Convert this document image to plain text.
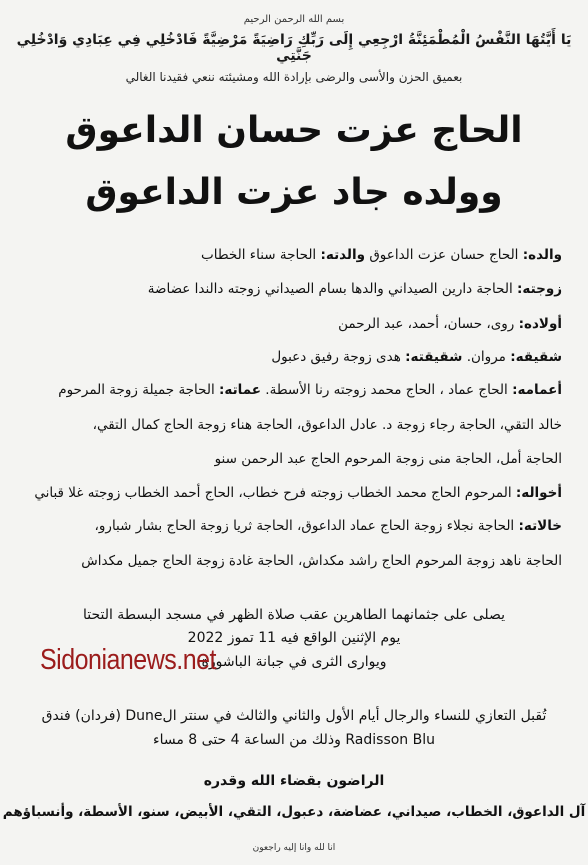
بسم الله الرحمن الرحيم
يَا أَيَّتُهَا النَّفْسُ الْمُطْمَئِنَّةُ ارْجِعِي إِلَى رَبِّكِ رَاضِيَةً مَرْضِيَّةً فَادْخُلِي فِي عِبَادِي وَادْخُلِي جَنَّتِي
بعميق الحزن والأسى والرضى بإرادة الله ومشيئته ننعي فقيدنا الغالي
الحاج عزت حسان الداعوق
وولده جاد عزت الداعوق
والده: الحاج حسان عزت الداعوق والدته: الحاجة سناء الخطاب
زوجته: الحاجة دارين الصيداني والدها بسام الصيداني زوجته دالندا عضاضة
أولاده: روى، حسان، أحمد، عبد الرحمن
شقيقه: مروان. شقيقته: هدى زوجة رفيق دعبول
أعمامه: الحاج عماد ، الحاج محمد زوجته رنا الأسطة. عماته: الحاجة جميلة زوجة المرحوم
خالد التقي، الحاجة رجاء زوجة د. عادل الداعوق، الحاجة هناء زوجة الحاج كمال التقي،
الحاجة أمل، الحاجة منى زوجة المرحوم الحاج عبد الرحمن سنو
أخواله: المرحوم الحاج محمد الخطاب زوجته فرح خطاب، الحاج أحمد الخطاب زوجته غلا قباني
خالاته: الحاجة نجلاء زوجة الحاج عماد الداعوق، الحاجة ثريا زوجة الحاج بشار شبارو،
الحاجة ناهد زوجة المرحوم الحاج راشد مكداش، الحاجة غادة زوجة الحاج جميل مكداش
يصلى على جثمانهما الطاهرين عقب صلاة الظهر في مسجد البسطة التحتا
يوم الإثنين الواقع فيه 11 تموز 2022
ويوارى الثرى في جبانة الباشورة
تُقبل التعازي للنساء والرجال أيام الأول والثاني والثالث في سنتر الDune (فردان) فندق
Radisson Blu وذلك من الساعة 4 حتى 8 مساء
الراضون بقضاء الله وقدره
آل الداعوق، الخطاب، صيداني، عضاضة، دعبول، التقي، الأبيض، سنو، الأسطة، وأنسباؤهم
انا لله وانا إليه راجعون
Sidonianews.net
